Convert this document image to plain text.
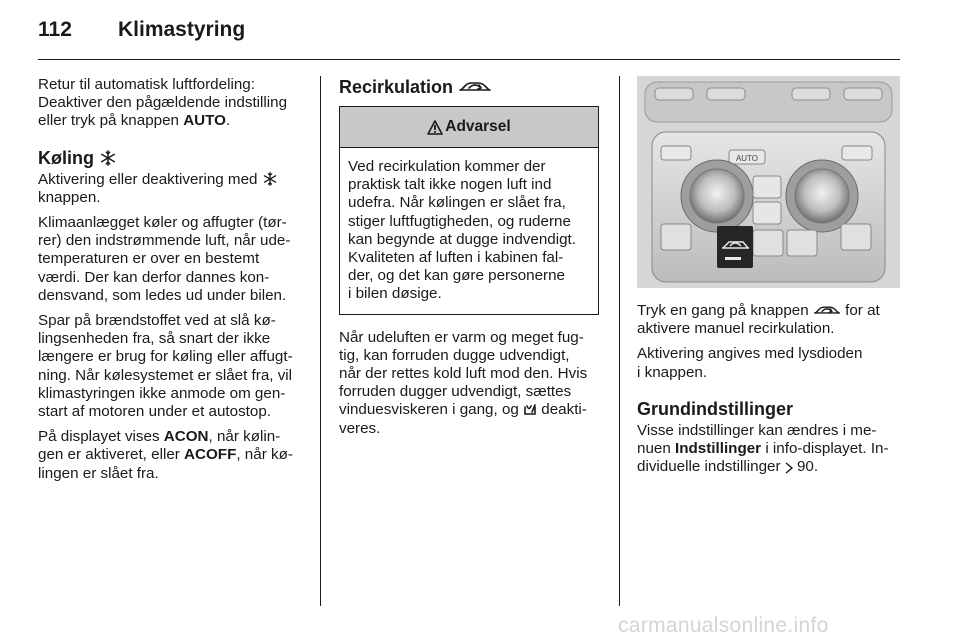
112 Klimastyring

Retur til automatisk luftfordeling:
Deaktiver den pågældende indstilling
eller tryk på knappen AUTO.

Køling

Aktivering eller deaktivering med
knappen.

Klimaanlægget køler og affugter (tør-
rer) den indstrømmende luft, når ude-
temperaturen er over en bestemt
værdi. Der kan derfor dannes kon-
densvand, som ledes ud under bilen.

Spar på brændstoffet ved at slå kø-
lingsenheden fra, så snart der ikke
længere er brug for køling eller affugt-
ning. Når kølesystemet er slået fra, vil
klimastyringen ikke anmode om gen-
start af motoren under et autostop.

På displayet vises ACON, når kølin-
gen er aktiveret, eller ACOFF, når kø-
lingen er slået fra.

Recirkulation
Advarsel
Ved recirkulation kommer der
praktisk talt ikke nogen luft ind
udefra. Når kølingen er slået fra,
stiger luftfugtigheden, og ruderne
kan begynde at dugge indvendigt.
Kvaliteten af luften i kabinen fal-
der, og det kan gøre personerne
i bilen døsige.

Når udeluften er varm og meget fug-
tig, kan forruden dugge udvendigt,
når der rettes kold luft mod den. Hvis
forruden dugger udvendigt, sættes
vinduesviskeren i gang, og  deakti-
veres.

AUTO

Tryk en gang på knappen  for at
aktivere manuel recirkulation.

Aktivering angives med lysdioden
i knappen.

Grundindstillinger

Visse indstillinger kan ændres i me-
nuen Indstillinger i info-displayet. In-
dividuelle indstillinger  90.

carmanualsonline.info
